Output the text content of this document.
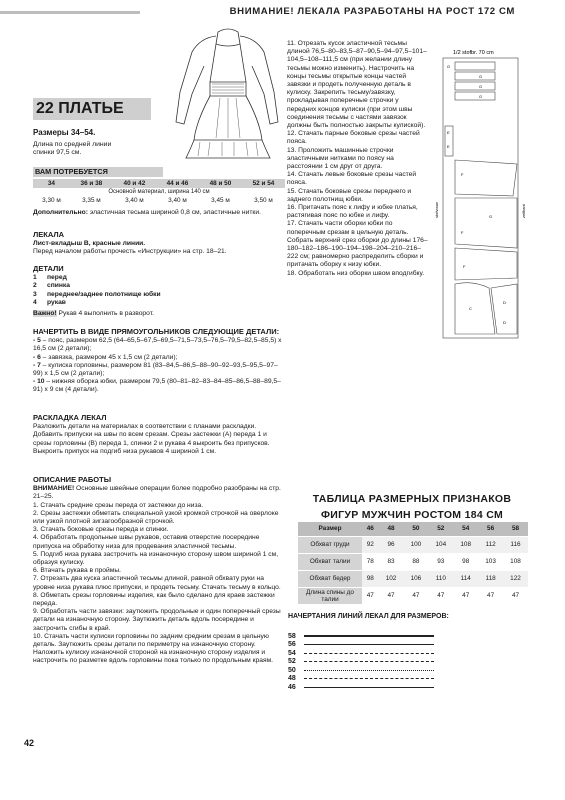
ВНИМАНИЕ! ЛЕКАЛА РАЗРАБОТАНЫ НА РОСТ 172 СМ
22 ПЛАТЬЕ
Размеры 34–54.
Длина по средней линии спинки 97,5 см.
ВАМ ПОТРЕБУЕТСЯ
34	36 и 38	40 и 42	44 и 46	48 и 50	52 и 54
Основной материал, ширина 140 см					
3,30 м	3,35 м	3,40 м	3,40 м	3,45 м	3,50 м
Дополнительно: эластичная тесьма шириной 0,8 см, эластичные нитки.
ЛЕКАЛА
Лист-вкладыш В, красные линии.
Перед началом работы прочесть «Инструкции» на стр. 18–21.
ДЕТАЛИ
1 перед
2 спинка
3 переднее/заднее полотнище юбки
4 рукав
Важно! Рукав 4 выполнить в разворот.
НАЧЕРТИТЬ В ВИДЕ ПРЯМОУГОЛЬНИКОВ СЛЕДУЮЩИЕ ДЕТАЛИ:
- 5 – пояс, размером 62,5 (64–65,5–67,5–69,5–71,5–73,5–76,5–79,5–82,5–85,5) х 16,5 см (2 детали);
- 6 – завязка, размером 45 х 1,5 см (2 детали);
- 7 – кулиска горловины, размером 81 (83–84,5–86,5–88–90–92–93,5–95,5–97–99) х 1,5 см (2 детали);
- 10 – нижняя оборка юбки, размером 79,5 (80–81–82–83–84–85–86,5–88–89,5–91) х 9 см (4 детали).
РАСКЛАДКА ЛЕКАЛ
Разложить детали на материалах в соответствии с планами раскладки. Добавить припуски на швы по всем срезам. Срезы застежки (А) переда 1 и срезы горловины (В) переда 1, спинки 2 и рукава 4 выкроить без припусков. Выкроить припуск на подгиб низа рукавов 4 шириной 1 см.
ОПИСАНИЕ РАБОТЫ
ВНИМАНИЕ! Основные швейные операции более подробно разобраны на стр. 21–25.
1. Стачать средние срезы переда от застежки до низа.
2. Срезы застежки обметать специальной узкой кромкой строчкой на оверлоке или узкой плотной зигзагообразной строчкой.
3. Стачать боковые срезы переда и спинки.
4. Обработать продольные швы рукавов, оставив отверстие посередине припуска на обработку низа для продевания эластичной тесьмы.
5. Подгиб низа рукава застрочить на изнаночную сторону швом шириной 1 см, образуя кулиску.
6. Втачать рукава в проймы.
7. Отрезать два куска эластичной тесьмы длиной, равной обхвату руки на уровне низа рукава плюс припуски, и продеть тесьму. Стачать тесьму в кольцо.
8. Обметать срезы горловины изделия, как было сделано для краев застежки переда.
9. Обработать части завязки: заутюжить продольные и один поперечный срезы детали на изнаночную сторону. Заутюжить деталь вдоль посередине и застрочить сгибы в край.
10. Стачать части кулиски горловины по задним средним срезам в цельную деталь. Заутюжить срезы детали по периметру на изнаночную сторону. Наложить кулиску изнаночной стороной на изнаночную сторону изделия и настрочить по разметке вдоль горловины пока только по продольным краям.
11. Отрезать кусок эластичной тесьмы длиной 76,5–80–83,5–87–90,5–94–97,5–101–104,5–108–111,5 см (при желании длину тесьмы можно изменить). Настрочить на концы тесьмы открытые концы частей завязки и продеть полученную деталь в кулиску. Закрепить тесьму/завязку, прокладывая поперечные строчки у передних концов кулиски (при этом швы соединения тесьмы с частями завязок должны быть полностью закрыты кулиской).
12. Стачать парные боковые срезы частей пояса.
13. Проложить машинные строчки эластичными нитками по поясу на расстоянии 1 см друг от друга.
14. Стачать левые боковые срезы частей пояса.
15. Стачать боковые срезы переднего и заднего полотнищ юбки.
16. Притачать пояс к лифу и юбке платья, растягивая пояс по юбке и лифу.
17. Стачать части оборки юбки по поперечным срезам в цельную деталь. Собрать верхний срез оборки до длины 176–180–182–186–190–194–198–204–210–216–222 см; равномерно распределить сборки и притачать оборку к низу юбки.
18. Обработать низ оборки швом вподгибку.
1/2 stofbr. 70 cm
G
G
G
G
E
E
F
G
F
F
C
D
D
stofvouw	zelfkant
ТАБЛИЦА РАЗМЕРНЫХ ПРИЗНАКОВ
ФИГУР МУЖЧИН РОСТОМ 184 СМ
Размер	46	48	50	52	54	56	58
Обхват груди	92	96	100	104	108	112	116
Обхват талии	78	83	88	93	98	103	108
Обхват бедер	98	102	106	110	114	118	122
Длина спины до талии	47	47	47	47	47	47	47
НАЧЕРТАНИЯ ЛИНИЙ ЛЕКАЛ ДЛЯ РАЗМЕРОВ:
58
56
54
52
50
48
46
42
